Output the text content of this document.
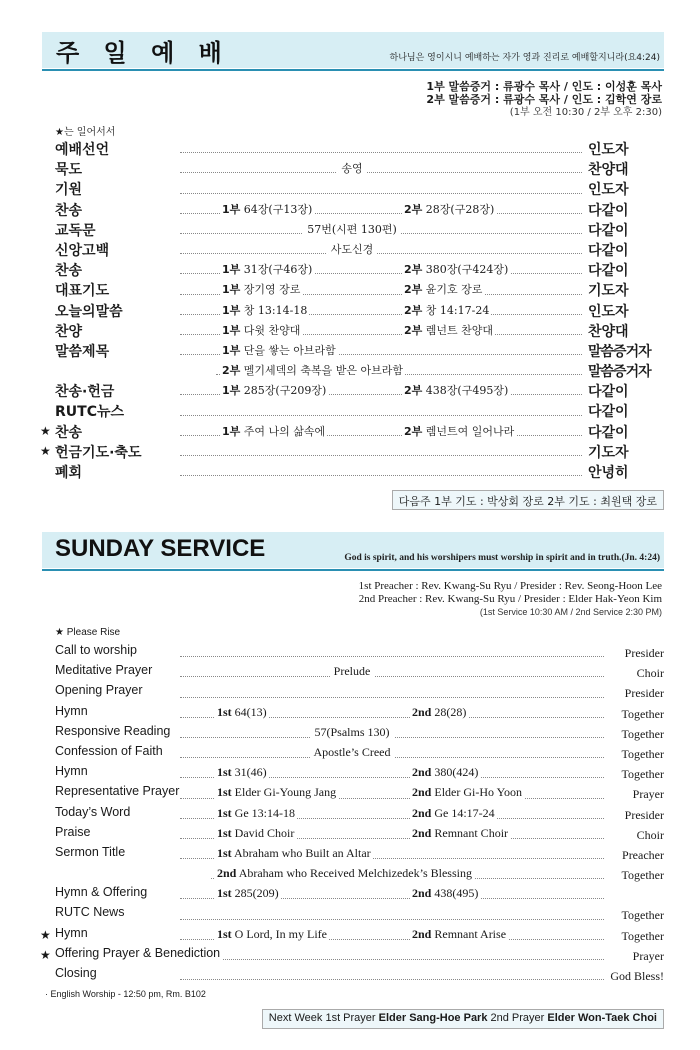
주 일 예 배	하나님은 영이시니 예배하는 자가 영과 진리로 예배할지니라(요4:24)
1부 말씀증거 : 류광수 목사 / 인도 : 이성훈 목사
2부 말씀증거 : 류광수 목사 / 인도 : 김학연 장로
(1부 오전 10:30 / 2부 오후 2:30)
★는 일어서서
예배선언	인도자
묵도	송영	찬양대
기원	인도자
찬송	1부 64장(구13장)	2부 28장(구28장)	다같이
교독문	57번(시편 130편)	다같이
신앙고백	사도신경	다같이
찬송	1부 31장(구46장)	2부 380장(구424장)	다같이
대표기도	1부 장기영 장로	2부 윤기호 장로	기도자
오늘의말씀	1부 창 13:14-18	2부 창 14:17-24	인도자
찬양	1부 다윗 찬양대	2부 렘넌트 찬양대	찬양대
말씀제목	1부 단을 쌓는 아브라함	말씀증거자
2부 멜기세덱의 축복을 받은 아브라함	말씀증거자
찬송·헌금	1부 285장(구209장)	2부 438장(구495장)	다같이
RUTC뉴스	다같이
★ 찬송	1부 주여 나의 삶속에	2부 렘넌트여 일어나라	다같이
★ 헌금기도·축도	기도자
폐회	안녕히
다음주 1부 기도 : 박상회 장로 2부 기도 : 최원택 장로
SUNDAY SERVICE	God is spirit, and his worshipers must worship in spirit and in truth.(Jn. 4:24)
1st Preacher : Rev. Kwang-Su Ryu / Presider : Rev. Seong-Hoon Lee
2nd Preacher : Rev. Kwang-Su Ryu / Presider : Elder Hak-Yeon Kim
(1st Service 10:30 AM / 2nd Service 2:30 PM)
★ Please Rise
Call to worship	Presider
Meditative Prayer	Prelude	Choir
Opening Prayer	Presider
Hymn	1st 64(13)	2nd 28(28)	Together
Responsive Reading	57(Psalms 130)	Together
Confession of Faith	Apostle’s Creed	Together
Hymn	1st 31(46)	2nd 380(424)	Together
Representative Prayer	1st Elder Gi-Young Jang	2nd Elder Gi-Ho Yoon	Prayer
Today’s Word	1st Ge 13:14-18	2nd Ge 14:17-24	Presider
Praise	1st David Choir	2nd Remnant Choir	Choir
Sermon Title	1st Abraham who Built an Altar	Preacher
2nd Abraham who Received Melchizedek’s Blessing	Together
Hymn & Offering	1st 285(209)	2nd 438(495)
RUTC News	Together
★ Hymn	1st O Lord, In my Life	2nd Remnant Arise	Together
★ Offering Prayer & Benediction	Prayer
Closing	God Bless!
· English Worship - 12:50 pm, Rm. B102
Next Week 1st Prayer Elder Sang-Hoe Park 2nd Prayer Elder Won-Taek Choi
